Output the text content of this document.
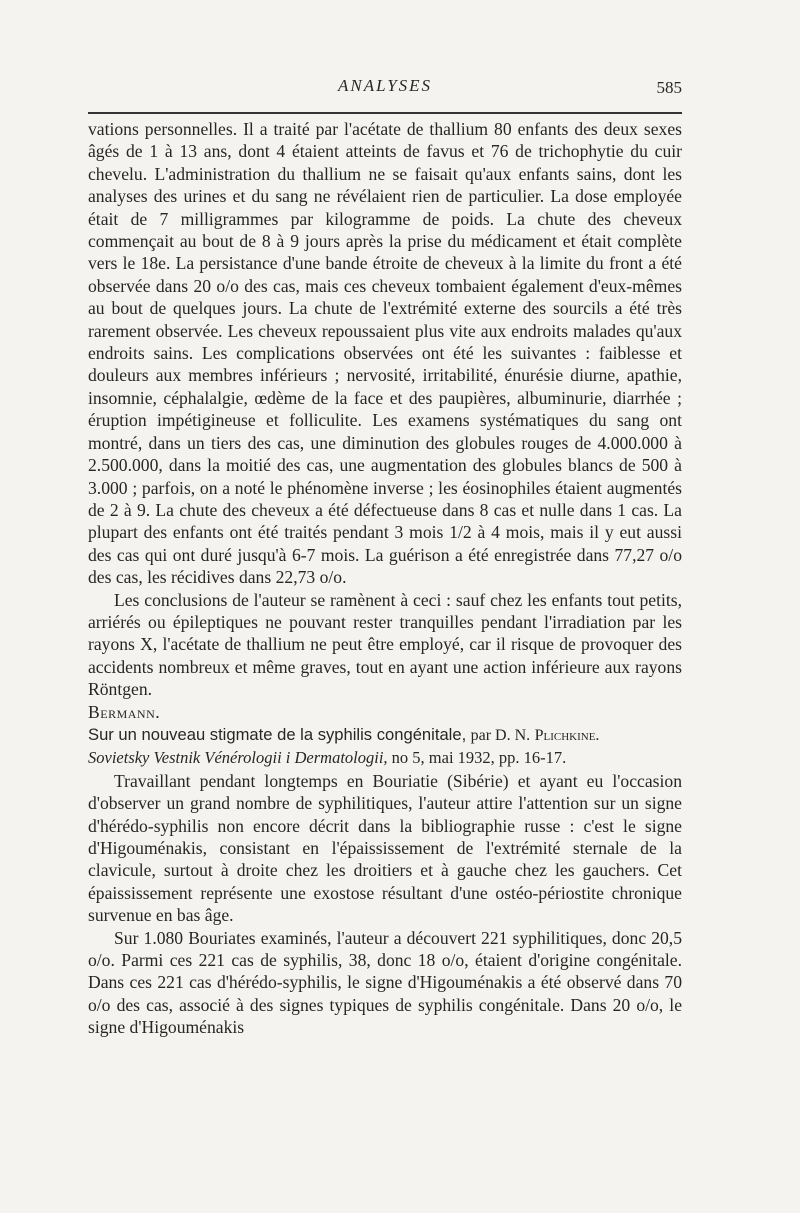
ANALYSES	585

vations personnelles. Il a traité par l'acétate de thallium 80 enfants des deux sexes âgés de 1 à 13 ans, dont 4 étaient atteints de favus et 76 de trichophytie du cuir chevelu. L'administration du thallium ne se faisait qu'aux enfants sains, dont les analyses des urines et du sang ne révélaient rien de particulier. La dose employée était de 7 milligrammes par kilogramme de poids. La chute des cheveux commençait au bout de 8 à 9 jours après la prise du médicament et était complète vers le 18e. La persistance d'une bande étroite de cheveux à la limite du front a été observée dans 20 o/o des cas, mais ces cheveux tombaient également d'eux-mêmes au bout de quelques jours. La chute de l'extrémité externe des sourcils a été très rarement observée. Les cheveux repoussaient plus vite aux endroits malades qu'aux endroits sains. Les complications observées ont été les suivantes : faiblesse et douleurs aux membres inférieurs ; nervosité, irritabilité, énurésie diurne, apathie, insomnie, céphalalgie, œdème de la face et des paupières, albuminurie, diarrhée ; éruption impétigineuse et folliculite. Les examens systématiques du sang ont montré, dans un tiers des cas, une diminution des globules rouges de 4.000.000 à 2.500.000, dans la moitié des cas, une augmentation des globules blancs de 500 à 3.000 ; parfois, on a noté le phénomène inverse ; les éosinophiles étaient augmentés de 2 à 9. La chute des cheveux a été défectueuse dans 8 cas et nulle dans 1 cas. La plupart des enfants ont été traités pendant 3 mois 1/2 à 4 mois, mais il y eut aussi des cas qui ont duré jusqu'à 6-7 mois. La guérison a été enregistrée dans 77,27 o/o des cas, les récidives dans 22,73 o/o.

Les conclusions de l'auteur se ramènent à ceci : sauf chez les enfants tout petits, arriérés ou épileptiques ne pouvant rester tranquilles pendant l'irradiation par les rayons X, l'acétate de thallium ne peut être employé, car il risque de provoquer des accidents nombreux et même graves, tout en ayant une action inférieure aux rayons Röntgen.

Bermann.

Sur un nouveau stigmate de la syphilis congénitale, par D. N. Plichkine.

Sovietsky Vestnik Vénérologii i Dermatologii, no 5, mai 1932, pp. 16-17.

Travaillant pendant longtemps en Bouriatie (Sibérie) et ayant eu l'occasion d'observer un grand nombre de syphilitiques, l'auteur attire l'attention sur un signe d'hérédo-syphilis non encore décrit dans la bibliographie russe : c'est le signe d'Higouménakis, consistant en l'épaississement de l'extrémité sternale de la clavicule, surtout à droite chez les droitiers et à gauche chez les gauchers. Cet épaississement représente une exostose résultant d'une ostéo-périostite chronique survenue en bas âge.

Sur 1.080 Bouriates examinés, l'auteur a découvert 221 syphilitiques, donc 20,5 o/o. Parmi ces 221 cas de syphilis, 38, donc 18 o/o, étaient d'origine congénitale. Dans ces 221 cas d'hérédo-syphilis, le signe d'Higouménakis a été observé dans 70 o/o des cas, associé à des signes typiques de syphilis congénitale. Dans 20 o/o, le signe d'Higouménakis
